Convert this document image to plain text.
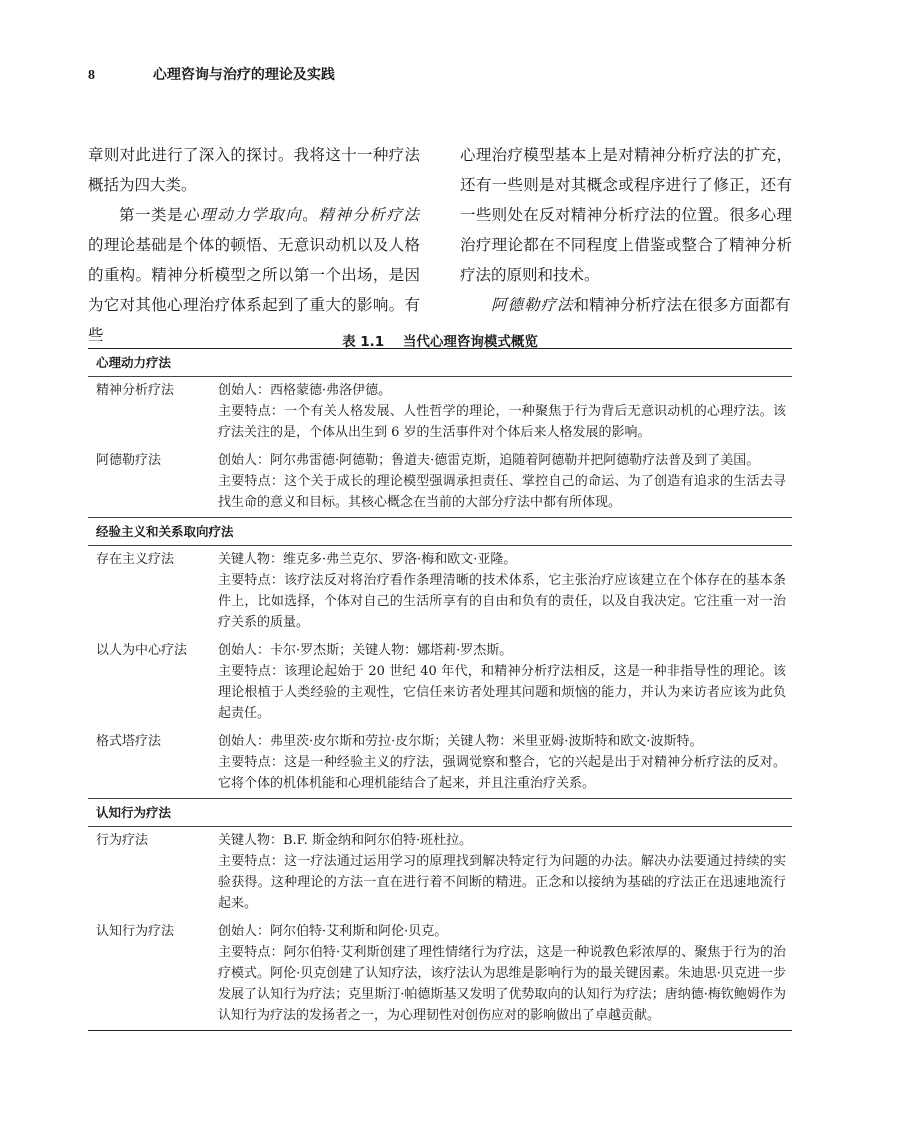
8	心理咨询与治疗的理论及实践

章则对此进行了深入的探讨。我将这十一种疗法概括为四大类。

第一类是心理动力学取向。精神分析疗法的理论基础是个体的顿悟、无意识动机以及人格的重构。精神分析模型之所以第一个出场，是因为它对其他心理治疗体系起到了重大的影响。有些

心理治疗模型基本上是对精神分析疗法的扩充，还有一些则是对其概念或程序进行了修正，还有一些则处在反对精神分析疗法的位置。很多心理治疗理论都在不同程度上借鉴或整合了精神分析疗法的原则和技术。

阿德勒疗法和精神分析疗法在很多方面都有

表 1.1 当代心理咨询模式概览
心理动力疗法
精神分析疗法	创始人：西格蒙德·弗洛伊德。

主要特点：一个有关人格发展、人性哲学的理论，一种聚焦于行为背后无意识动机的心理疗法。该疗法关注的是，个体从出生到 6 岁的生活事件对个体后来人格发展的影响。

阿德勒疗法	创始人：阿尔弗雷德·阿德勒；鲁道夫·德雷克斯，追随着阿德勒并把阿德勒疗法普及到了美国。

主要特点：这个关于成长的理论模型强调承担责任、掌控自己的命运、为了创造有追求的生活去寻找生命的意义和目标。其核心概念在当前的大部分疗法中都有所体现。

经验主义和关系取向疗法
存在主义疗法	关键人物：维克多·弗兰克尔、罗洛·梅和欧文·亚隆。

主要特点：该疗法反对将治疗看作条理清晰的技术体系，它主张治疗应该建立在个体存在的基本条件上，比如选择，个体对自己的生活所享有的自由和负有的责任，以及自我决定。它注重一对一治疗关系的质量。

以人为中心疗法	创始人：卡尔·罗杰斯；关键人物：娜塔莉·罗杰斯。

主要特点：该理论起始于 20 世纪 40 年代，和精神分析疗法相反，这是一种非指导性的理论。该理论根植于人类经验的主观性，它信任来访者处理其问题和烦恼的能力，并认为来访者应该为此负起责任。

格式塔疗法	创始人：弗里茨·皮尔斯和劳拉·皮尔斯；关键人物：米里亚姆·波斯特和欧文·波斯特。

主要特点：这是一种经验主义的疗法，强调觉察和整合，它的兴起是出于对精神分析疗法的反对。它将个体的机体机能和心理机能结合了起来，并且注重治疗关系。

认知行为疗法
行为疗法	关键人物：B.F. 斯金纳和阿尔伯特·班杜拉。

主要特点：这一疗法通过运用学习的原理找到解决特定行为问题的办法。解决办法要通过持续的实验获得。这种理论的方法一直在进行着不间断的精进。正念和以接纳为基础的疗法正在迅速地流行起来。

认知行为疗法	创始人：阿尔伯特·艾利斯和阿伦·贝克。

主要特点：阿尔伯特·艾利斯创建了理性情绪行为疗法，这是一种说教色彩浓厚的、聚焦于行为的治疗模式。阿伦·贝克创建了认知疗法，该疗法认为思维是影响行为的最关键因素。朱迪思·贝克进一步发展了认知行为疗法；克里斯汀·帕德斯基又发明了优势取向的认知行为疗法；唐纳德·梅钦鲍姆作为认知行为疗法的发扬者之一，为心理韧性对创伤应对的影响做出了卓越贡献。
